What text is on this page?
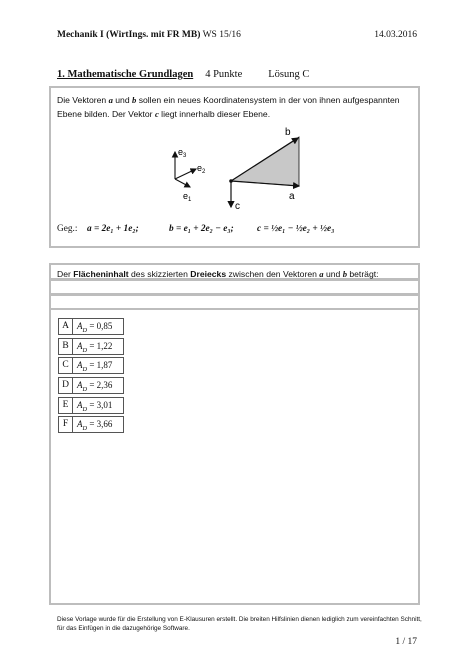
Mechanik I (WirtIngs. mit FR MB) WS 15/16	14.03.2016
1. Mathematische Grundlagen 4 Punkte Lösung C
Die Vektoren a und b sollen ein neues Koordinatensystem in der von ihnen aufgespannten Ebene bilden. Der Vektor c liegt innerhalb dieser Ebene.
$e_3$
$e_2$
$e_1$
b
a
c
Geg.: a = 2e₁ + 1e₂;	b = e₁ + 2e₂ − e₃;	c = ½e₁ − ½e₂ + ½e₃
Der Flächeninhalt des skizzierten Dreiecks zwischen den Vektoren a und b beträgt:
A $A_D = 0,85$
B $A_D = 1,22$
C $A_D = 1,87$
D $A_D = 2,36$
E $A_D = 3,01$
F $A_D = 3,66$
Diese Vorlage wurde für die Erstellung von E-Klausuren erstellt. Die breiten Hilfslinien dienen lediglich zum vereinfachten Schnitt, für das Einfügen in die dazugehörige Software.
1 / 17
